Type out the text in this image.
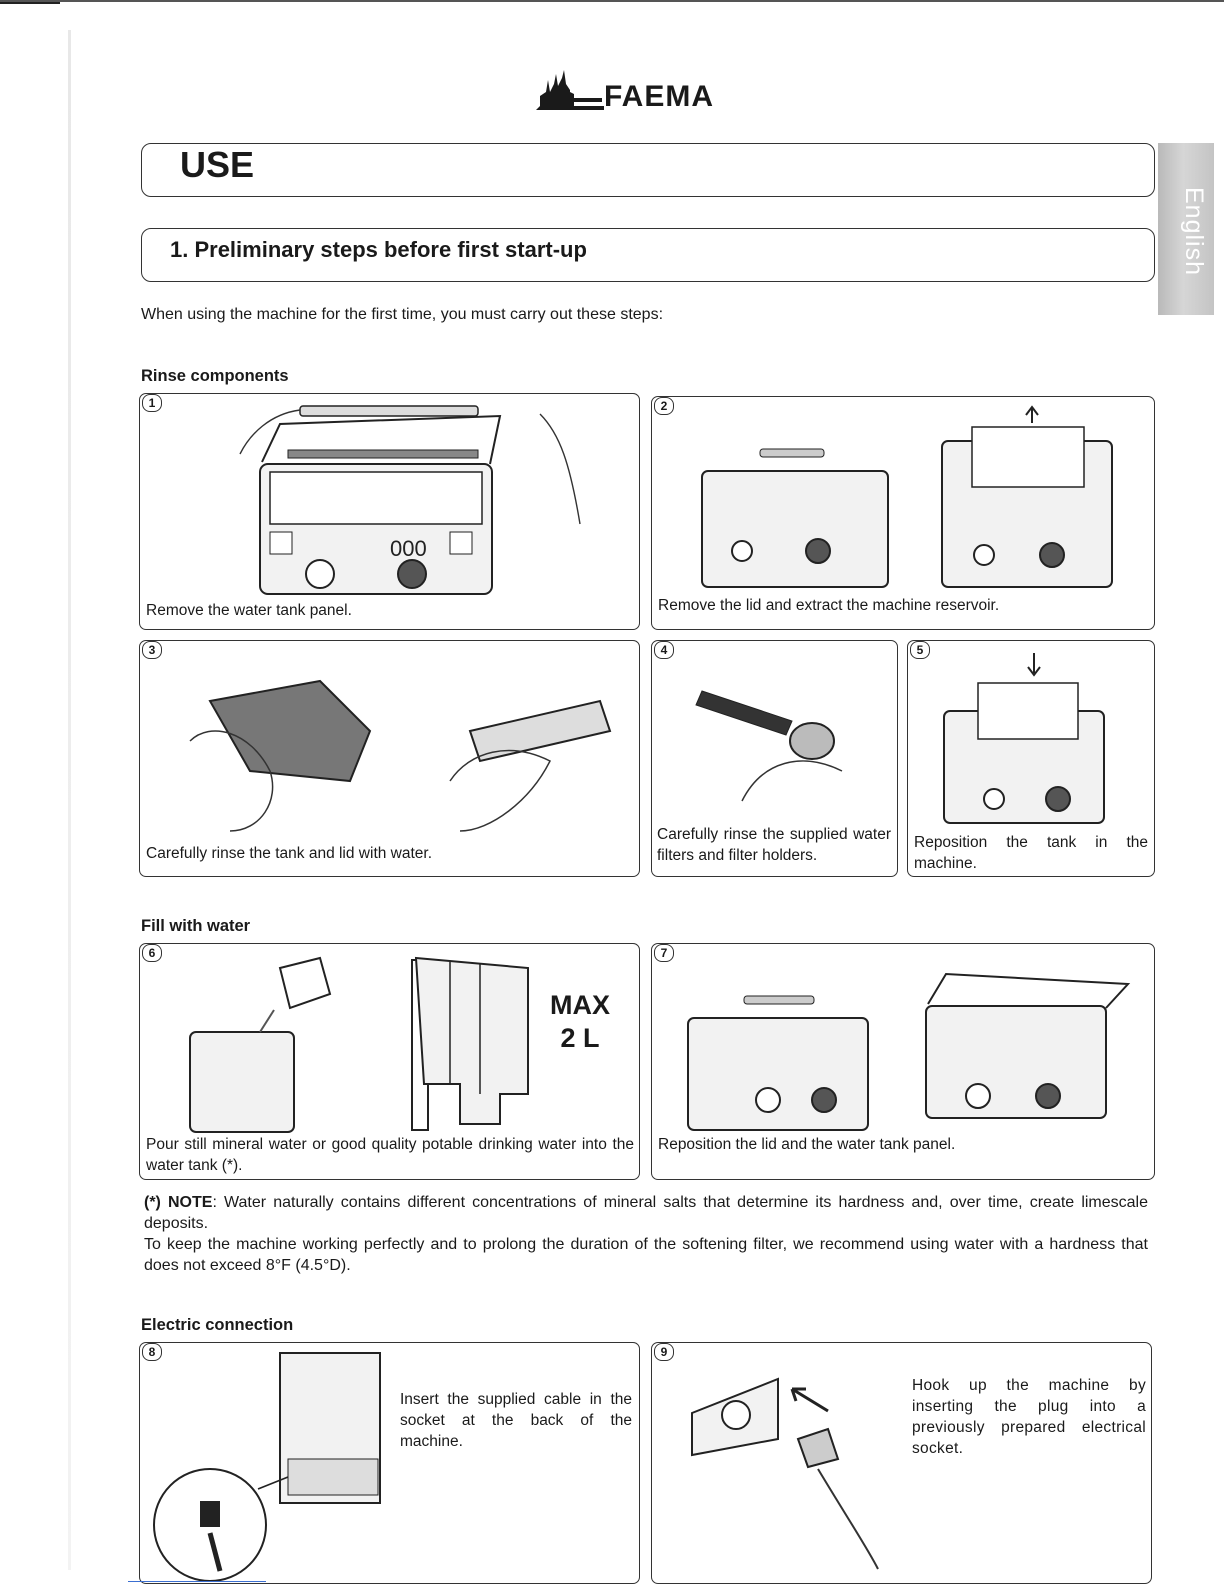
FAEMA
USE
1. Preliminary steps before first start-up	English
When using the machine for the first time, you must carry out these steps:
Rinse components
1
000
Remove the water tank panel.
2
Remove the lid and extract the machine reservoir.
3
Carefully rinse the tank and lid with water.
4
Carefully rinse the supplied water filters and filter holders.
5
Reposition the tank in the machine.
Fill with water
6
MAX
2 L
Pour still mineral water or good quality potable drinking water into the water tank (*).
7
Reposition the lid and the water tank panel.
(*) NOTE: Water naturally contains different concentrations of mineral salts that determine its hardness and, over time, create limescale deposits.
To keep the machine working perfectly and to prolong the duration of the softening filter, we recommend using water with a hardness that does not exceed 8°F (4.5°D).
Electric connection
8
Insert the supplied cable in the socket at the back of the machine.
9
Hook up the machine by inserting the plug into a previously prepared electrical socket.
